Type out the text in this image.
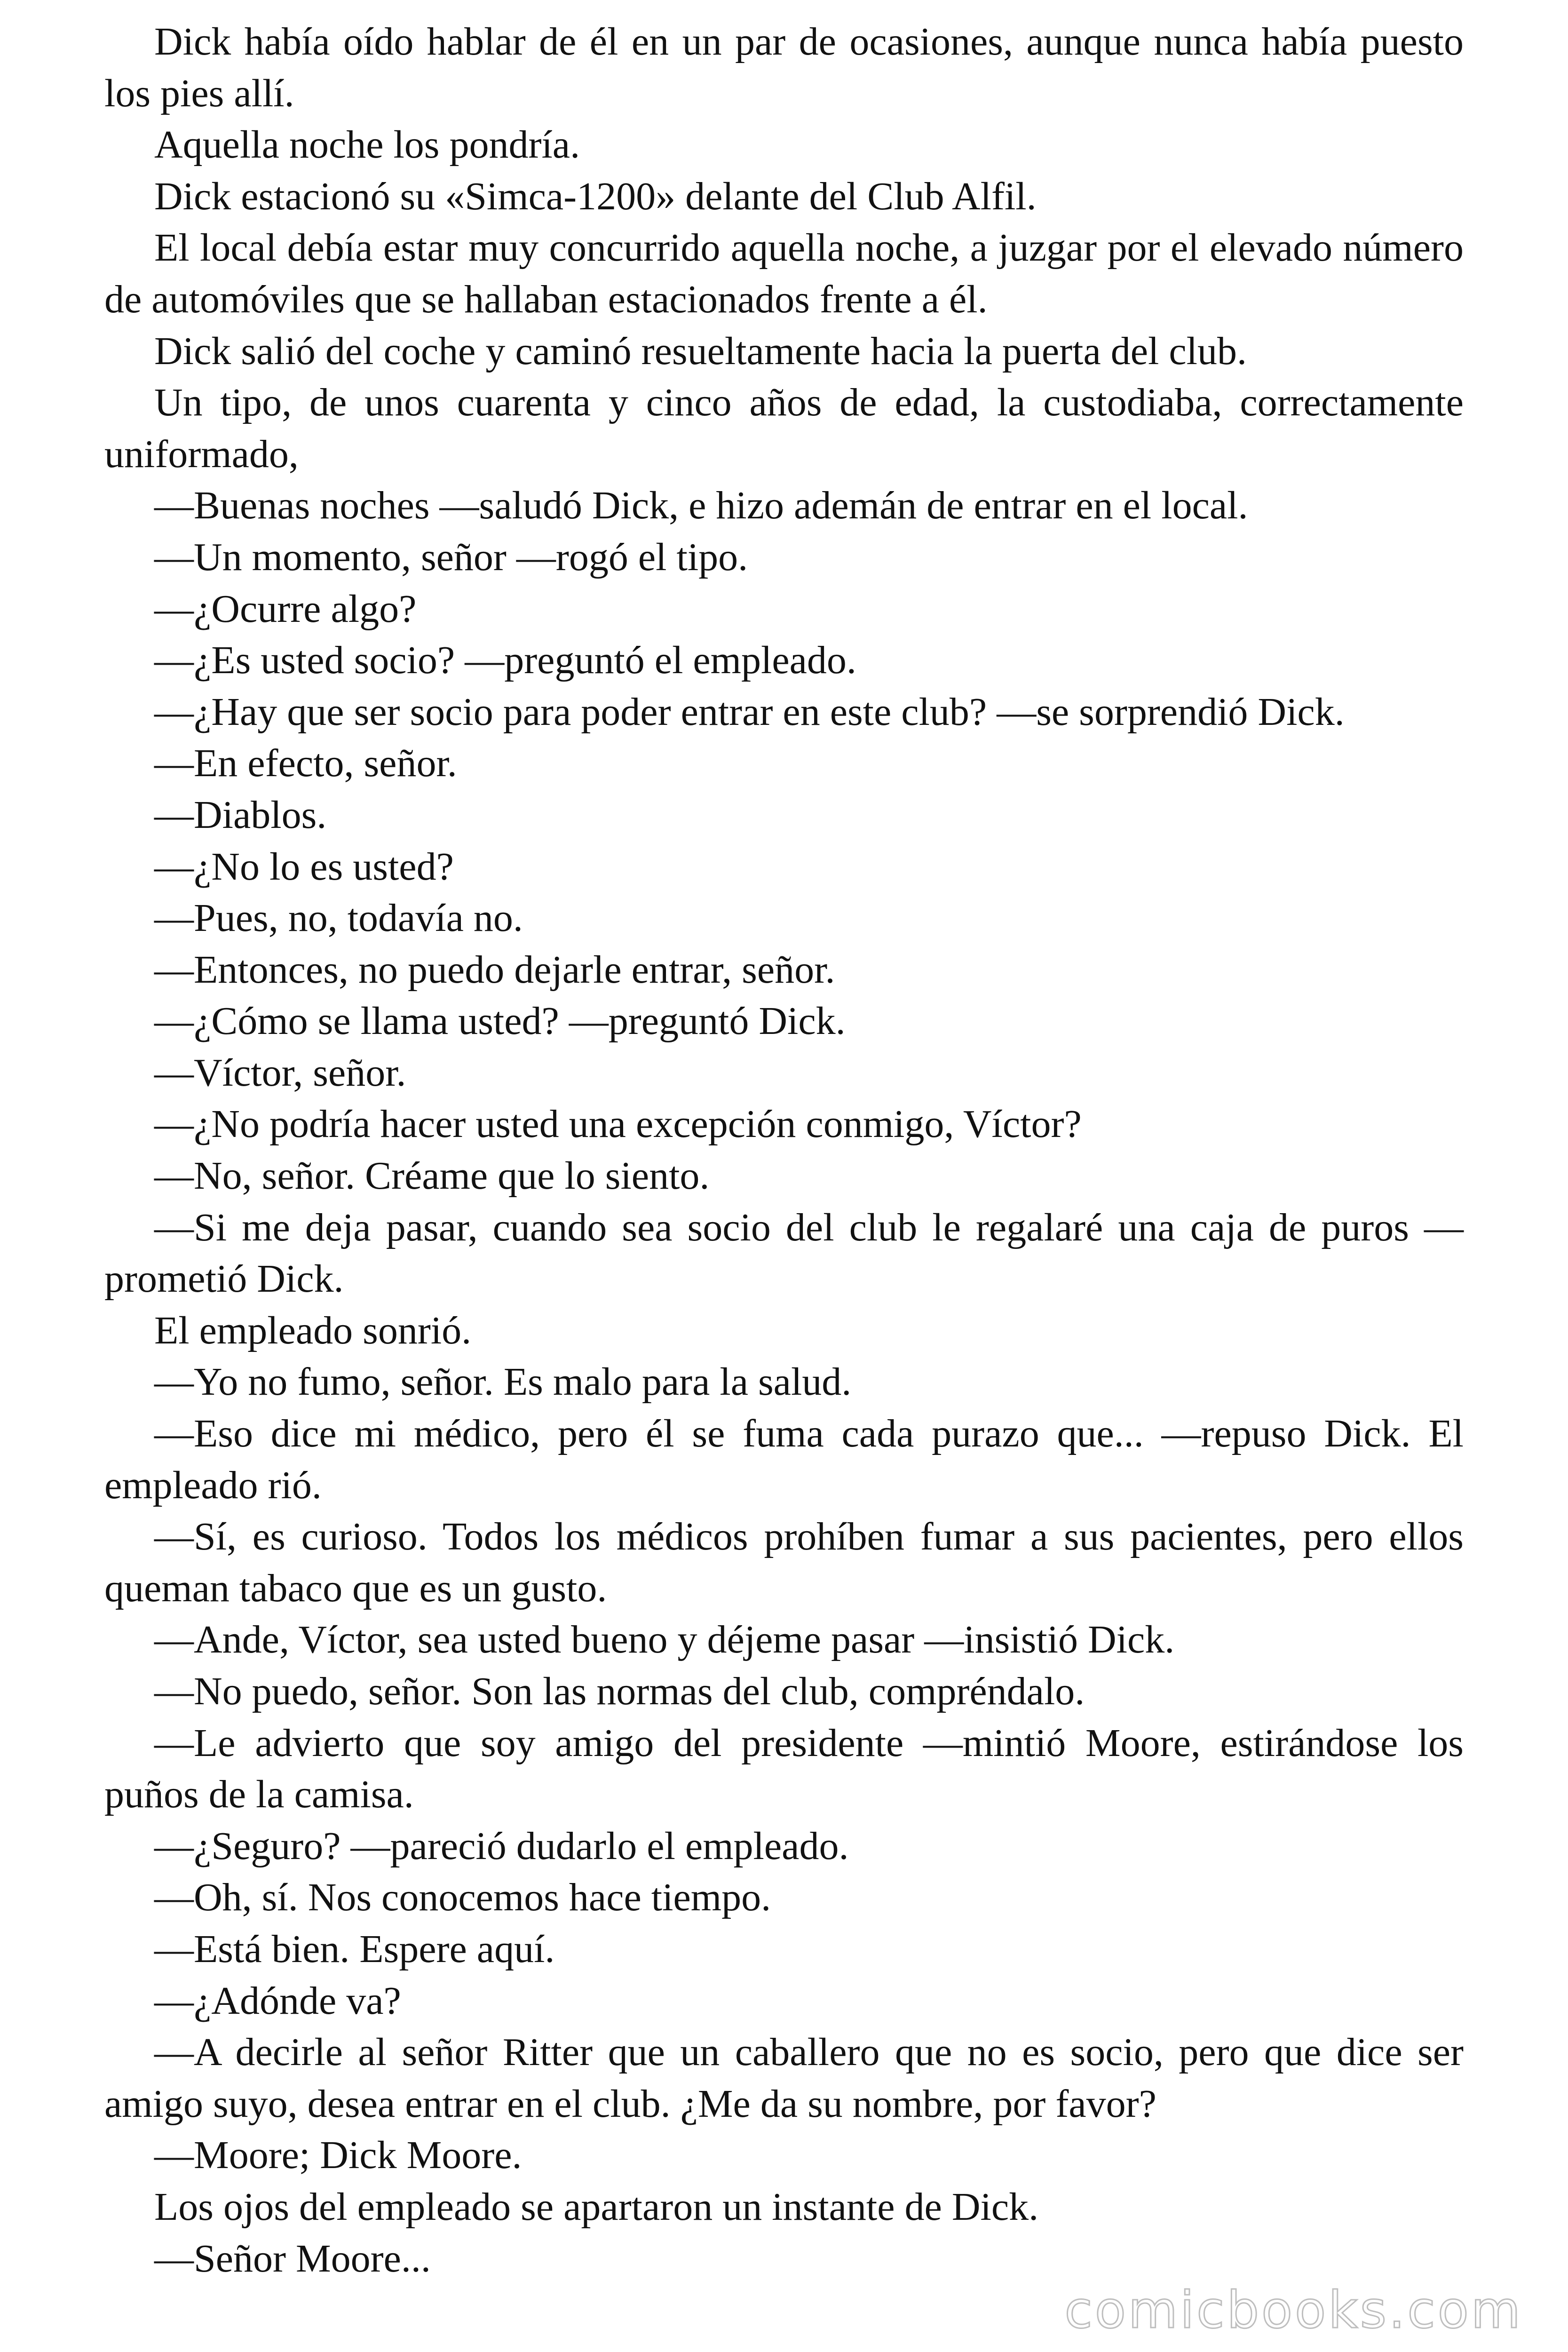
Dick había oído hablar de él en un par de ocasiones, aunque nunca había puesto los pies allí.

Aquella noche los pondría.

Dick estacionó su «Simca-1200» delante del Club Alfil.

El local debía estar muy concurrido aquella noche, a juzgar por el elevado número de automóviles que se hallaban estacionados frente a él.

Dick salió del coche y caminó resueltamente hacia la puerta del club.

Un tipo, de unos cuarenta y cinco años de edad, la custodiaba, correctamente uniformado,

—Buenas noches —saludó Dick, e hizo ademán de entrar en el local.

—Un momento, señor —rogó el tipo.

—¿Ocurre algo?

—¿Es usted socio? —preguntó el empleado.

—¿Hay que ser socio para poder entrar en este club? —se sorprendió Dick.

—En efecto, señor.

—Diablos.

—¿No lo es usted?

—Pues, no, todavía no.

—Entonces, no puedo dejarle entrar, señor.

—¿Cómo se llama usted? —preguntó Dick.

—Víctor, señor.

—¿No podría hacer usted una excepción conmigo, Víctor?

—No, señor. Créame que lo siento.

—Si me deja pasar, cuando sea socio del club le regalaré una caja de puros —prometió Dick.

El empleado sonrió.

—Yo no fumo, señor. Es malo para la salud.

—Eso dice mi médico, pero él se fuma cada purazo que... —repuso Dick. El empleado rió.

—Sí, es curioso. Todos los médicos prohíben fumar a sus pacientes, pero ellos queman tabaco que es un gusto.

—Ande, Víctor, sea usted bueno y déjeme pasar —insistió Dick.

—No puedo, señor. Son las normas del club, compréndalo.

—Le advierto que soy amigo del presidente —mintió Moore, estirándose los puños de la camisa.

—¿Seguro? —pareció dudarlo el empleado.

—Oh, sí. Nos conocemos hace tiempo.

—Está bien. Espere aquí.

—¿Adónde va?

—A decirle al señor Ritter que un caballero que no es socio, pero que dice ser amigo suyo, desea entrar en el club. ¿Me da su nombre, por favor?

—Moore; Dick Moore.

Los ojos del empleado se apartaron un instante de Dick.

—Señor Moore...

comicbooks.com
